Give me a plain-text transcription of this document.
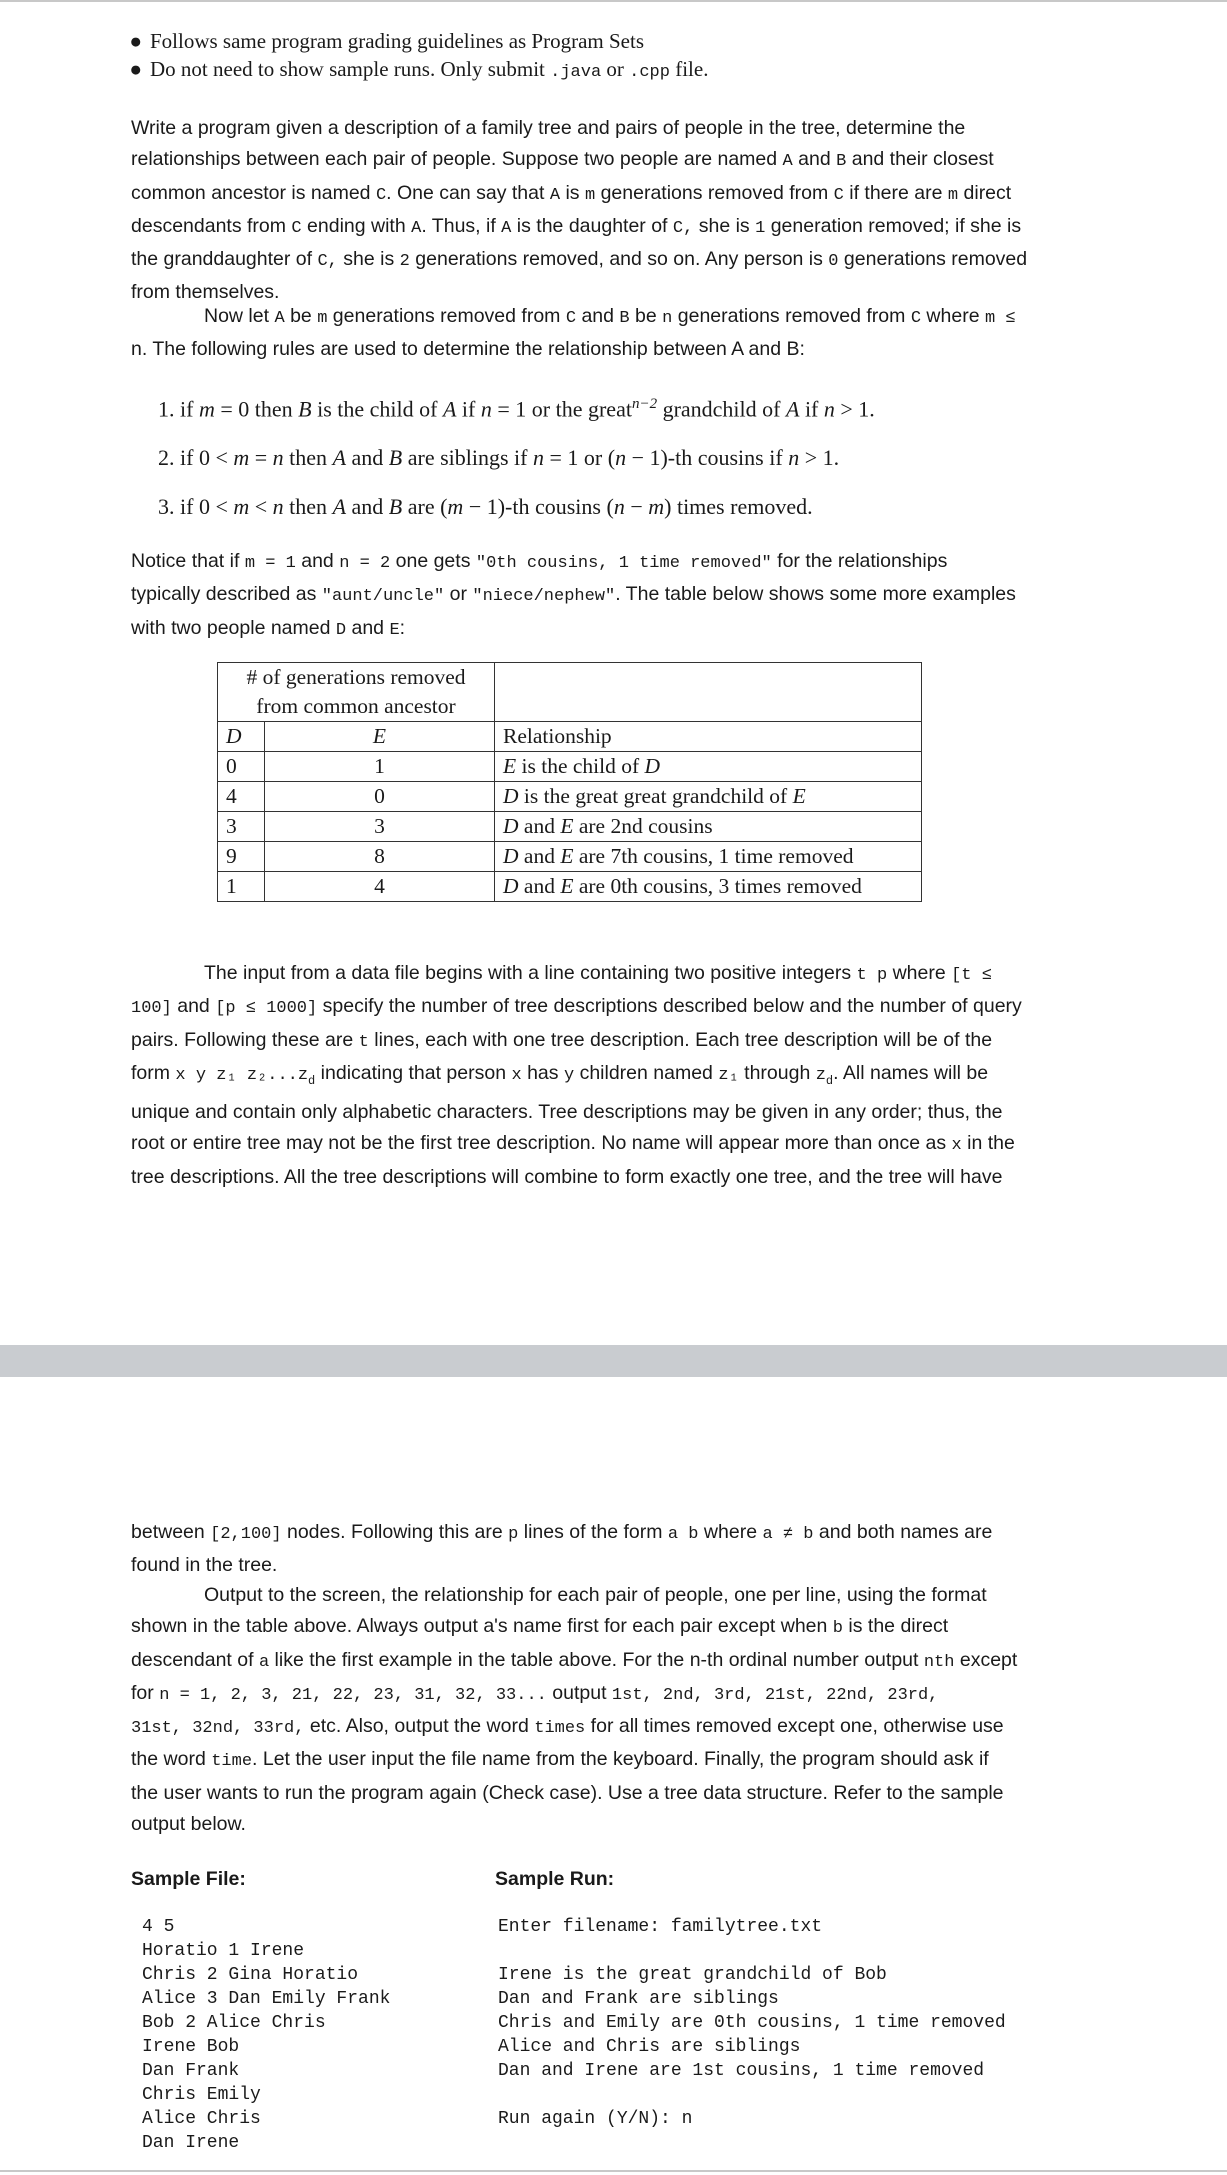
● Follows same program grading guidelines as Program Sets
● Do not need to show sample runs. Only submit .java or .cpp file.
Write a program given a description of a family tree and pairs of people in the tree, determine the
relationships between each pair of people. Suppose two people are named A and B and their closest
common ancestor is named C. One can say that A is m generations removed from C if there are m direct
descendants from C ending with A. Thus, if A is the daughter of C, she is 1 generation removed; if she is
the granddaughter of C, she is 2 generations removed, and so on. Any person is 0 generations removed
from themselves.
Now let A be m generations removed from C and B be n generations removed from C where m ≤
n. The following rules are used to determine the relationship between A and B:
1. if m = 0 then B is the child of A if n = 1 or the great$^{n-2}$ grandchild of A if n > 1.
2. if 0 < m = n then A and B are siblings if n = 1 or (n − 1)-th cousins if n > 1.
3. if 0 < m < n then A and B are (m − 1)-th cousins (n − m) times removed.
Notice that if m = 1 and n = 2 one gets "0th cousins, 1 time removed" for the relationships
typically described as "aunt/uncle" or "niece/nephew". The table below shows some more examples
with two people named D and E:
# of generations removed
from common ancestor		

D	E	Relationship
0	1	E is the child of D
4	0	D is the great great grandchild of E
3	3	D and E are 2nd cousins
9	8	D and E are 7th cousins, 1 time removed
1	4	D and E are 0th cousins, 3 times removed
The input from a data file begins with a line containing two positive integers t p where [t ≤
100] and [p ≤ 1000] specify the number of tree descriptions described below and the number of query
pairs. Following these are t lines, each with one tree description. Each tree description will be of the
form x y z₁ $z_2...z_d$ indicating that person x has y children named z₁ through $z_d$. All names will be
unique and contain only alphabetic characters. Tree descriptions may be given in any order; thus, the
root or entire tree may not be the first tree description. No name will appear more than once as x in the
tree descriptions. All the tree descriptions will combine to form exactly one tree, and the tree will have
between [2,100] nodes. Following this are p lines of the form a b where a ≠ b and both names are
found in the tree.
Output to the screen, the relationship for each pair of people, one per line, using the format
shown in the table above. Always output a's name first for each pair except when b is the direct
descendant of a like the first example in the table above. For the n-th ordinal number output nth except
for n = 1, 2, 3, 21, 22, 23, 31, 32, 33... output 1st, 2nd, 3rd, 21st, 22nd, 23rd,
31st, 32nd, 33rd, etc. Also, output the word times for all times removed except one, otherwise use
the word time. Let the user input the file name from the keyboard. Finally, the program should ask if
the user wants to run the program again (Check case). Use a tree data structure. Refer to the sample
output below.
Sample File:	Sample Run:
4 5
Horatio 1 Irene
Chris 2 Gina Horatio
Alice 3 Dan Emily Frank
Bob 2 Alice Chris
Irene Bob
Dan Frank
Chris Emily
Alice Chris
Dan Irene
Enter filename: familytree.txt
Irene is the great grandchild of Bob
Dan and Frank are siblings
Chris and Emily are 0th cousins, 1 time removed
Alice and Chris are siblings
Dan and Irene are 1st cousins, 1 time removed
Run again (Y/N): n
